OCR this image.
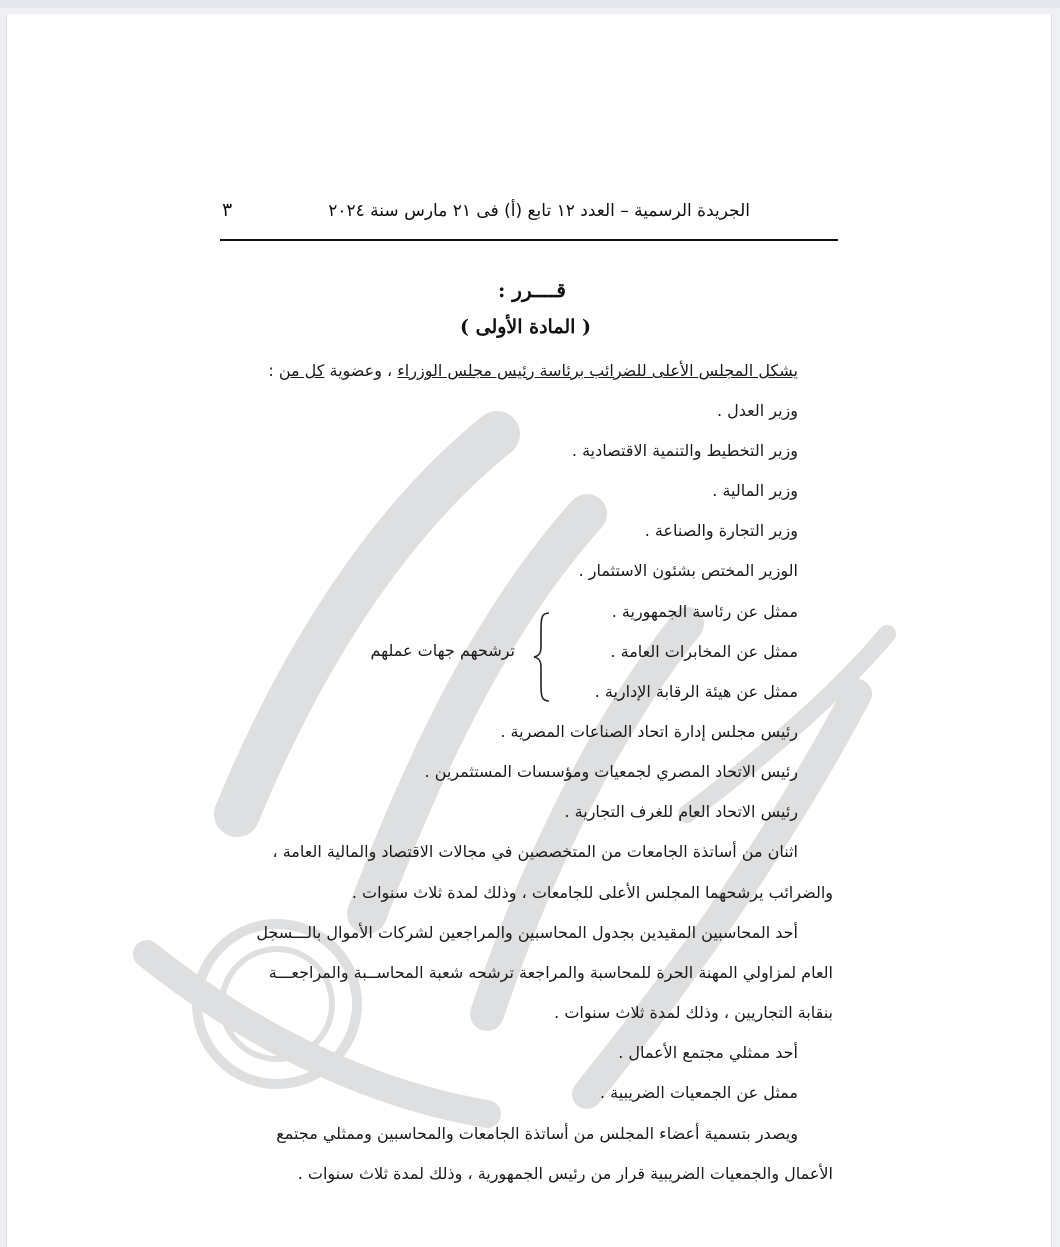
الجريدة الرسمية – العدد ١٢ تابع (أ) فى ٢١ مارس سنة ٢٠٢٤
٣
قــــرر :
( المادة الأولى )
يشكل المجلس الأعلى للضرائب برئاسة رئيس مجلس الوزراء ، وعضوية كل من :
وزير العدل .
وزير التخطيط والتنمية الاقتصادية .
وزير المالية .
وزير التجارة والصناعة .
الوزير المختص بشئون الاستثمار .
ممثل عن رئاسة الجمهورية .
ممثل عن المخابرات العامة .
ممثل عن هيئة الرقابة الإدارية .
ترشحهم جهات عملهم
رئيس مجلس إدارة اتحاد الصناعات المصرية .
رئيس الاتحاد المصري لجمعيات ومؤسسات المستثمرين .
رئيس الاتحاد العام للغرف التجارية .
اثنان من أساتذة الجامعات من المتخصصين في مجالات الاقتصاد والمالية العامة ،
والضرائب يرشحهما المجلس الأعلى للجامعات ، وذلك لمدة ثلاث سنوات .
أحد المحاسبين المقيدين بجدول المحاسبين والمراجعين لشركات الأموال بالـــسجل
العام لمزاولي المهنة الحرة للمحاسبة والمراجعة ترشحه شعبة المحاســبة والمراجعـــة
بنقابة التجاريين ، وذلك لمدة ثلاث سنوات .
أحد ممثلي مجتمع الأعمال .
ممثل عن الجمعيات الضريبية .
ويصدر بتسمية أعضاء المجلس من أساتذة الجامعات والمحاسبين وممثلي مجتمع
الأعمال والجمعيات الضريبية قرار من رئيس الجمهورية ، وذلك لمدة ثلاث سنوات .
